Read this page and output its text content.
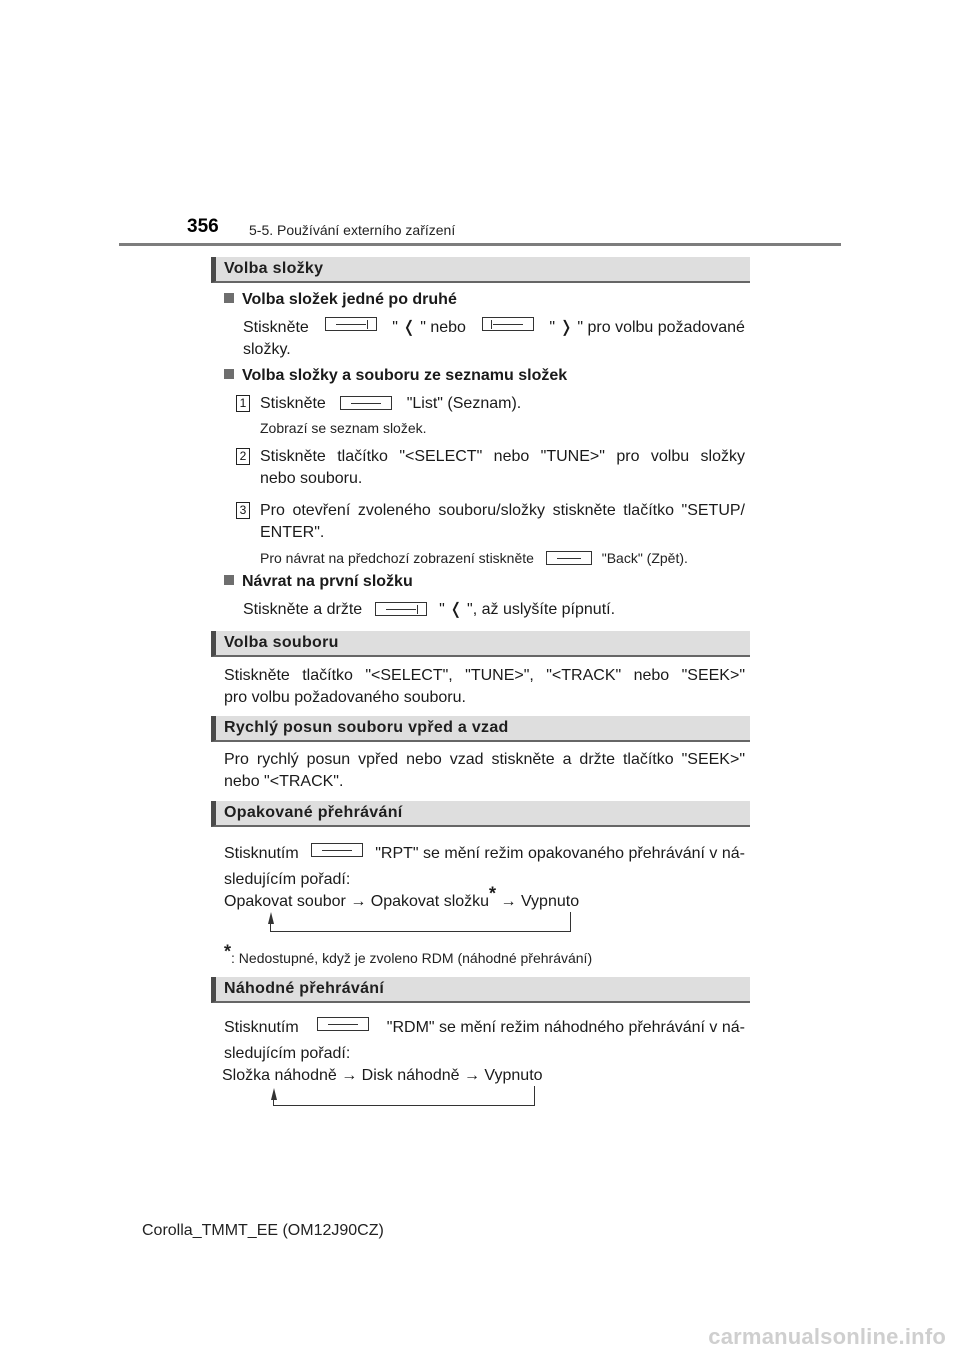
356 5-5. Používání externího zařízení
Volba složky
Volba složek jedné po druhé
Stiskněte	" ❬ " nebo	" ❭ " pro volbu požadované
složky.
Volba složky a souboru ze seznamu složek
1 Stiskněte	"List" (Seznam).
Zobrazí se seznam složek.
2 Stiskněte tlačítko "<SELECT" nebo "TUNE>" pro volbu složky
nebo souboru.
3 Pro otevření zvoleného souboru/složky stiskněte tlačítko "SETUP/
ENTER".
Pro návrat na předchozí zobrazení stiskněte	"Back" (Zpět).
Návrat na první složku
Stiskněte a držte	" ❬ ", až uslyšíte pípnutí.
Volba souboru
Stiskněte tlačítko "<SELECT", "TUNE>", "<TRACK" nebo "SEEK>"
pro volbu požadovaného souboru.
Rychlý posun souboru vpřed a vzad
Pro rychlý posun vpřed nebo vzad stiskněte a držte tlačítko "SEEK>"
nebo "<TRACK".
Opakované přehrávání
Stisknutím	"RPT" se mění režim opakovaného přehrávání v ná-
sledujícím pořadí:
Opakovat soubor → Opakovat složku* → Vypnuto
*: Nedostupné, když je zvoleno RDM (náhodné přehrávání)
Náhodné přehrávání
Stisknutím	"RDM" se mění režim náhodného přehrávání v ná-
sledujícím pořadí:
Složka náhodně → Disk náhodně → Vypnuto
Corolla_TMMT_EE (OM12J90CZ)
carmanualsonline.info
